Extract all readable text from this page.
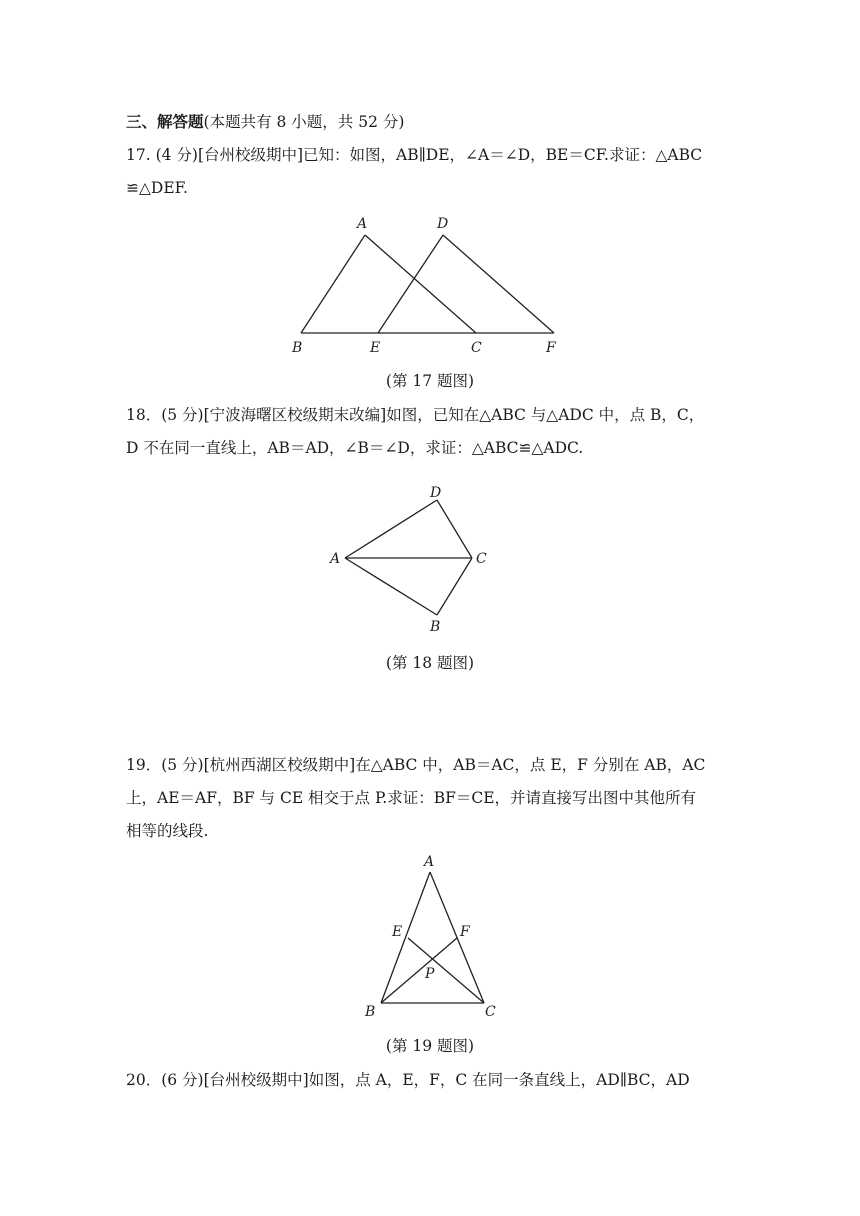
三、解答题(本题共有 8 小题，共 52 分)
17. (4 分)[台州校级期中]已知：如图，AB∥DE，∠A＝∠D，BE＝CF.求证：△ABC
≌△DEF.
A	D
B	E	C	F
(第 17 题图)
18．(5 分)[宁波海曙区校级期末改编]如图，已知在△ABC 与△ADC 中，点 B，C，
D 不在同一直线上，AB＝AD，∠B＝∠D，求证：△ABC≌△ADC.
D
A	C
B
(第 18 题图)
19．(5 分)[杭州西湖区校级期中]在△ABC 中，AB＝AC，点 E，F 分别在 AB，AC
上，AE＝AF，BF 与 CE 相交于点 P.求证：BF＝CE，并请直接写出图中其他所有
相等的线段.
A
E	F
P
B	C
(第 19 题图)
20．(6 分)[台州校级期中]如图，点 A，E，F，C 在同一条直线上，AD∥BC，AD
